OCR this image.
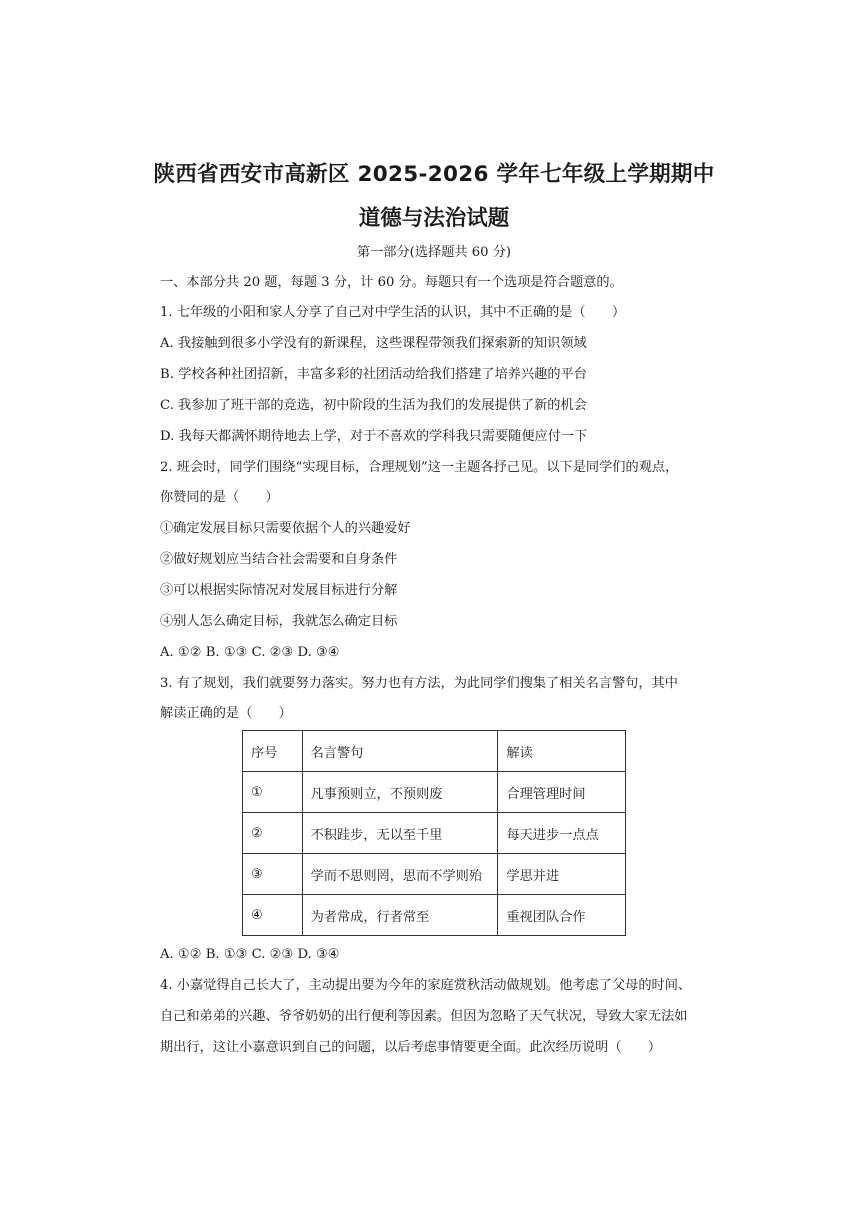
陕西省西安市高新区 2025-2026 学年七年级上学期期中
道德与法治试题
第一部分(选择题共 60 分)
一、本部分共 20 题，每题 3 分，计 60 分。每题只有一个选项是符合题意的。
1. 七年级的小阳和家人分享了自己对中学生活的认识，其中不正确的是（　　）
A. 我接触到很多小学没有的新课程，这些课程带领我们探索新的知识领域
B. 学校各种社团招新，丰富多彩的社团活动给我们搭建了培养兴趣的平台
C. 我参加了班干部的竞选，初中阶段的生活为我们的发展提供了新的机会
D. 我每天都满怀期待地去上学，对于不喜欢的学科我只需要随便应付一下
2. 班会时，同学们围绕“实现目标，合理规划”这一主题各抒己见。以下是同学们的观点，
你赞同的是（　　）
①确定发展目标只需要依据个人的兴趣爱好
②做好规划应当结合社会需要和自身条件
③可以根据实际情况对发展目标进行分解
④别人怎么确定目标，我就怎么确定目标
A. ①② B. ①③ C. ②③ D. ③④
3. 有了规划，我们就要努力落实。努力也有方法，为此同学们搜集了相关名言警句，其中
解读正确的是（　　）
序号	名言警句	解读
①	凡事预则立，不预则废	合理管理时间
②	不积跬步，无以至千里	每天进步一点点
③	学而不思则罔，思而不学则殆	学思并进
④	为者常成，行者常至	重视团队合作
A. ①② B. ①③ C. ②③ D. ③④
4. 小嘉觉得自己长大了，主动提出要为今年的家庭赏秋活动做规划。他考虑了父母的时间、
自己和弟弟的兴趣、爷爷奶奶的出行便利等因素。但因为忽略了天气状况，导致大家无法如
期出行，这让小嘉意识到自己的问题，以后考虑事情要更全面。此次经历说明（　　）
